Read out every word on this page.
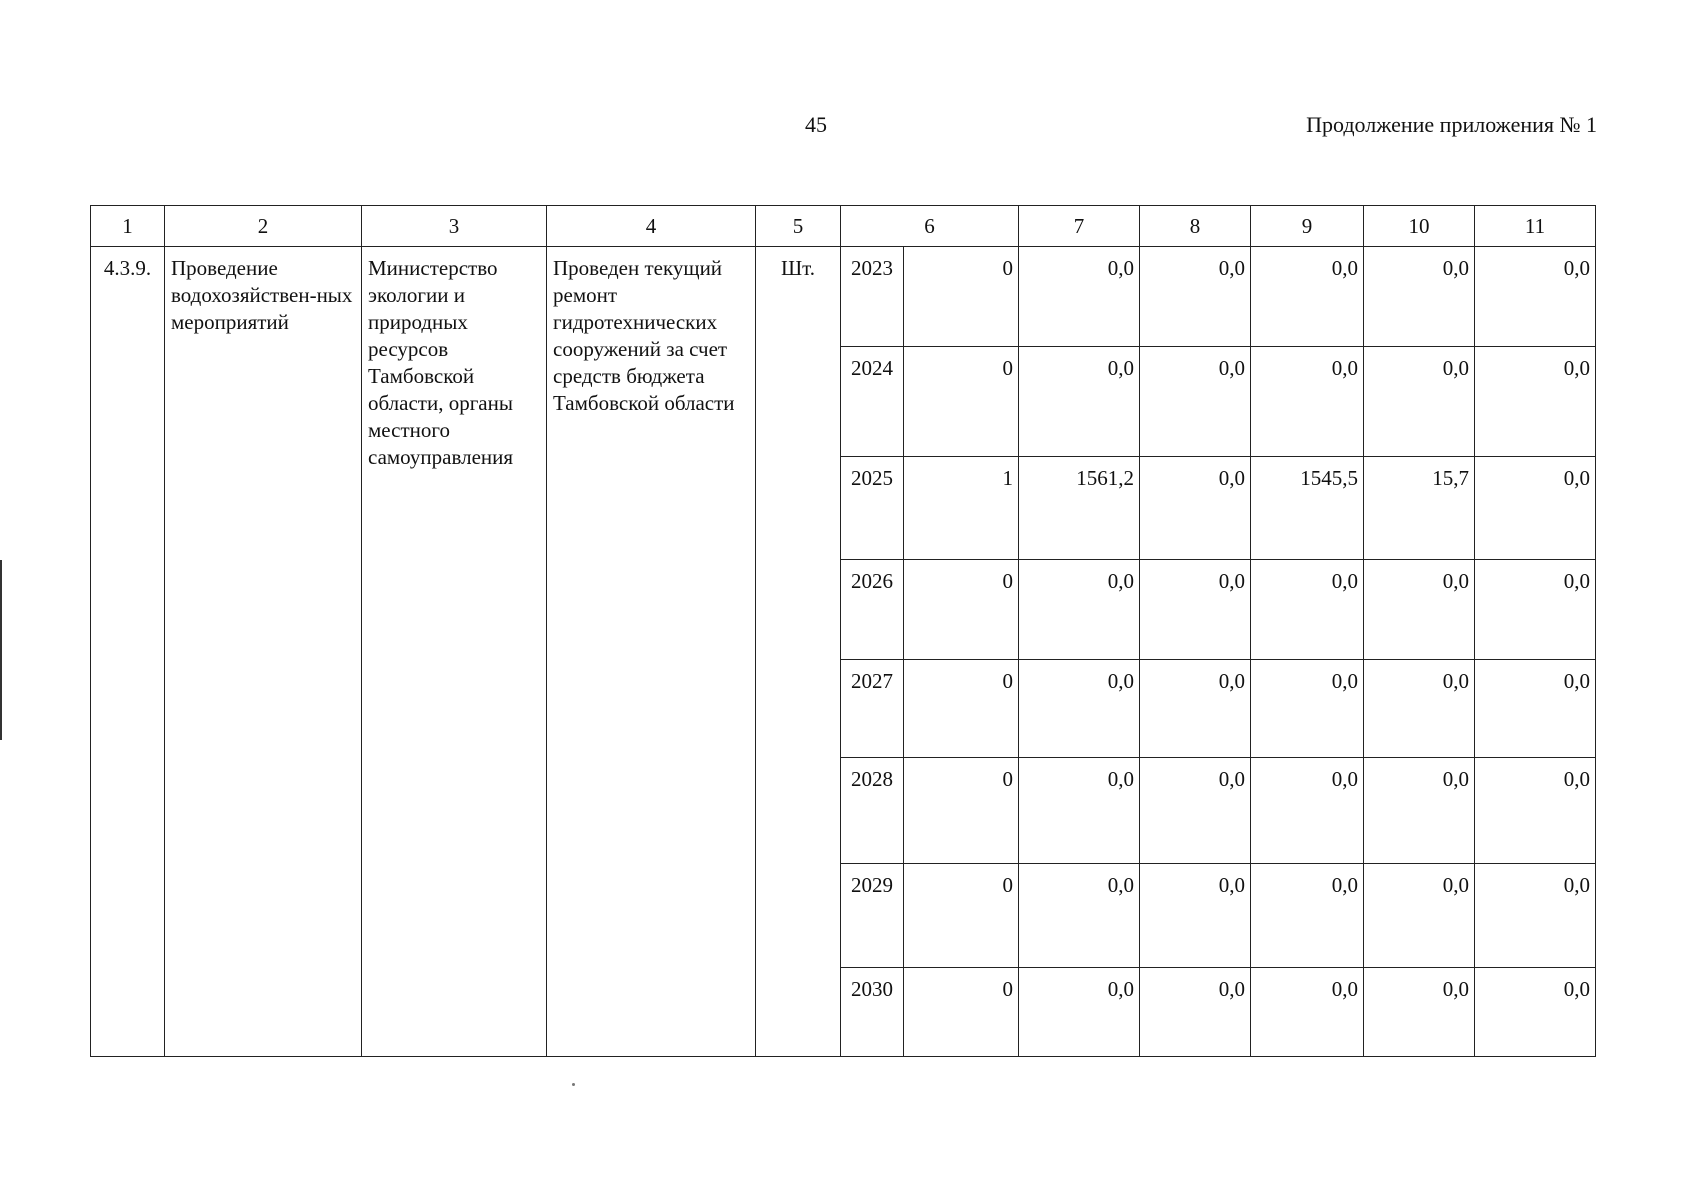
45	Продолжение приложения № 1
1	2	3	4	5	6		7	8	9	10	11
4.3.9.	Проведение водохозяйствен-ных мероприятий	Министерство экологии и природных ресурсов Тамбовской области, органы местного самоуправления	Проведен текущий ремонт гидротехнических сооружений за счет средств бюджета Тамбовской области	Шт.	2023	0	0,0	0,0	0,0	0,0	0,0
					2024	0	0,0	0,0	0,0	0,0	0,0
					2025	1	1561,2	0,0	1545,5	15,7	0,0
					2026	0	0,0	0,0	0,0	0,0	0,0
					2027	0	0,0	0,0	0,0	0,0	0,0
					2028	0	0,0	0,0	0,0	0,0	0,0
					2029	0	0,0	0,0	0,0	0,0	0,0
					2030	0	0,0	0,0	0,0	0,0	0,0
